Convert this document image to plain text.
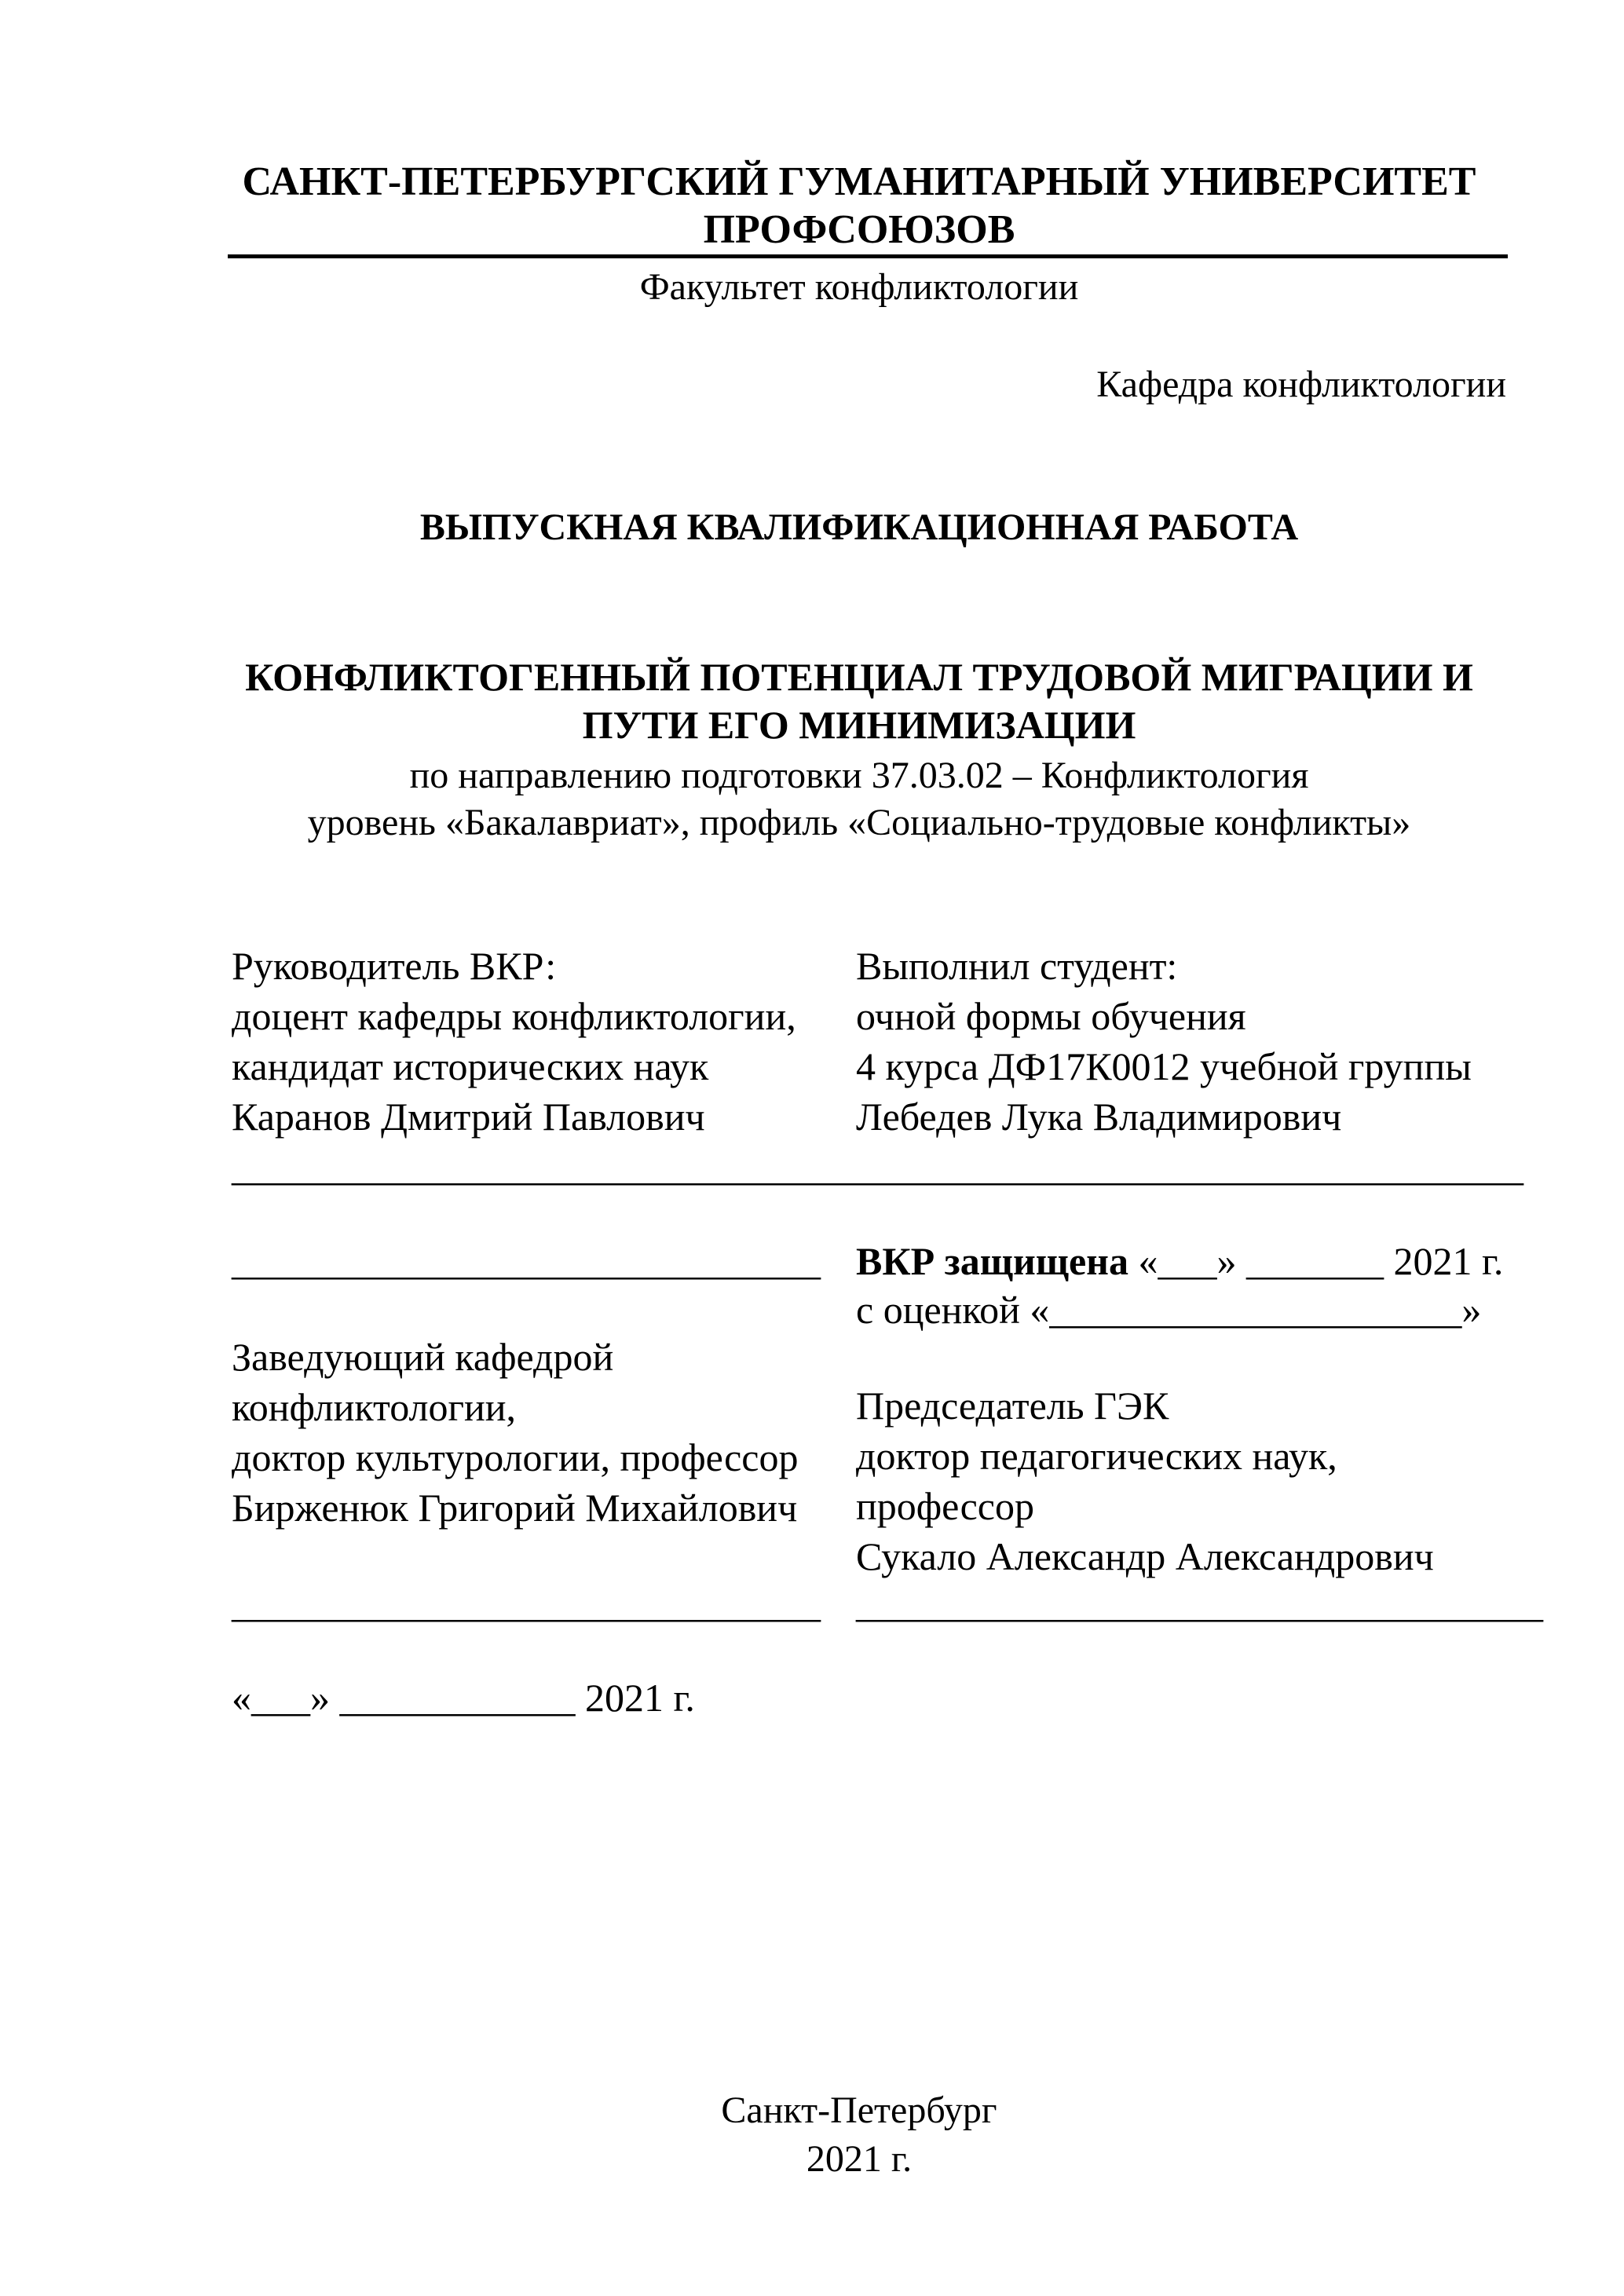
САНКТ-ПЕТЕРБУРГСКИЙ ГУМАНИТАРНЫЙ УНИВЕРСИТЕТ
ПРОФСОЮЗОВ
Факультет конфликтологии
Кафедра конфликтологии
ВЫПУСКНАЯ КВАЛИФИКАЦИОННАЯ РАБОТА
КОНФЛИКТОГЕННЫЙ ПОТЕНЦИАЛ ТРУДОВОЙ МИГРАЦИИ И
ПУТИ ЕГО МИНИМИЗАЦИИ
по направлению подготовки 37.03.02 – Конфликтология
уровень «Бакалавриат», профиль «Социально-трудовые конфликты»
Руководитель ВКР:
доцент кафедры конфликтологии,
кандидат исторических наук
Каранов Дмитрий Павлович
_________________________________
______________________________
Заведующий кафедрой
конфликтологии,
доктор культурологии, профессор
Бирженюк Григорий Михайлович
______________________________
«___» ____________ 2021 г.
Выполнил студент:
очной формы обучения
4 курса ДФ17К0012 учебной группы
Лебедев Лука Владимирович
__________________________________
ВКР защищена «___» _______ 2021 г.
с оценкой «_____________________»
Председатель ГЭК
доктор педагогических наук,
профессор
Сукало Александр Александрович
___________________________________
Санкт-Петербург
2021 г.
